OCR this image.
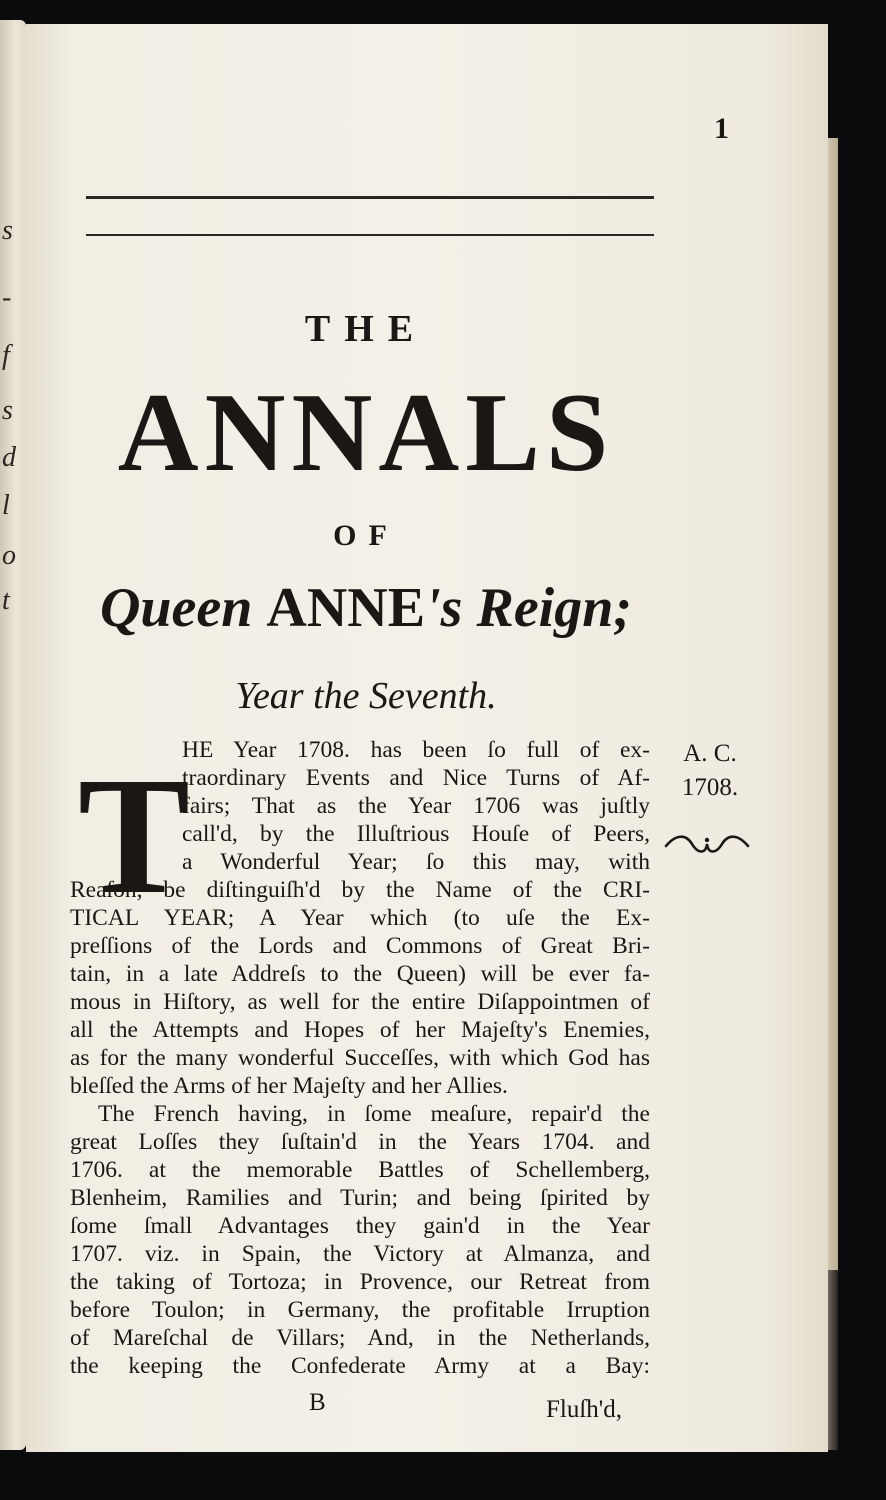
s
-
f
s
d
l
o
t
1
THE
ANNALS
OF
Queen ANNE's Reign;
Year the Seventh.
T
HE Year 1708. has been ſo full of ex-
traordinary Events and Nice Turns of Af-
fairs; That as the Year 1706 was juſtly
call'd, by the Illuſtrious Houſe of Peers,
a Wonderful Year; ſo this may, with
Reaſon, be diſtinguiſh'd by the Name of the CRI-
TICAL YEAR; A Year which (to uſe the Ex-
preſſions of the Lords and Commons of Great Bri-
tain, in a late Addreſs to the Queen) will be ever fa-
mous in Hiſtory, as well for the entire Diſappointmen of
all the Attempts and Hopes of her Majeſty's Enemies,
as for the many wonderful Succeſſes, with which God has
bleſſed the Arms of her Majeſty and her Allies.
The French having, in ſome meaſure, repair'd the
great Loſſes they ſuſtain'd in the Years 1704. and
1706. at the memorable Battles of Schellemberg,
Blenheim, Ramilies and Turin; and being ſpirited by
ſome ſmall Advantages they gain'd in the Year
1707. viz. in Spain, the Victory at Almanza, and
the taking of Tortoza; in Provence, our Retreat from
before Toulon; in Germany, the profitable Irruption
of Mareſchal de Villars; And, in the Netherlands,
the keeping the Confederate Army at a Bay:
A. C.
1708.
B	Fluſh'd,
